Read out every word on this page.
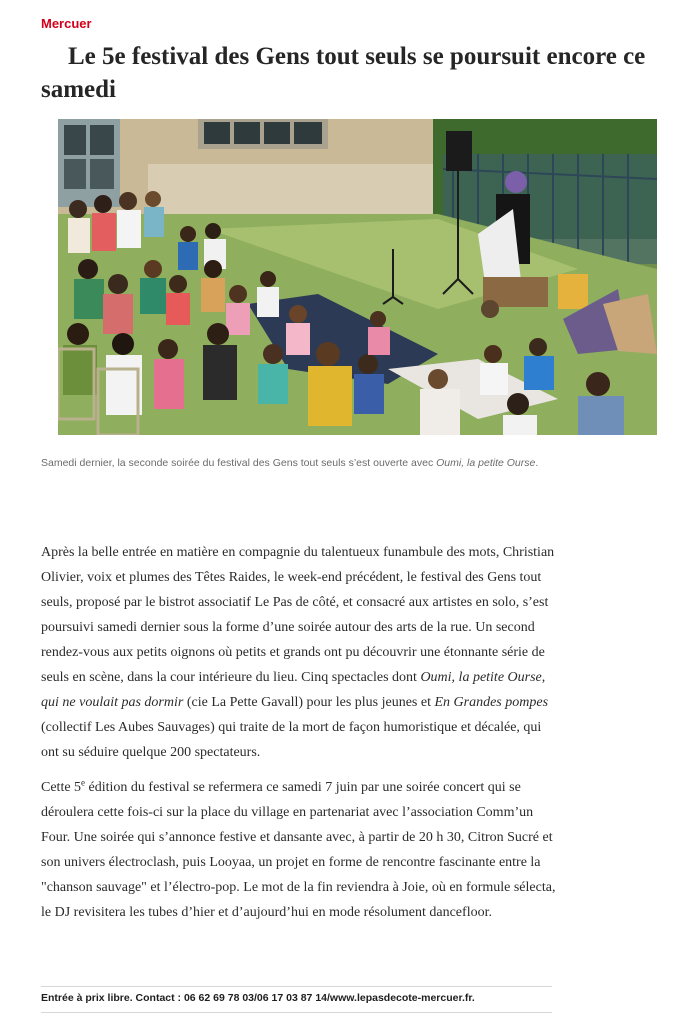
Mercuer
Le 5e festival des Gens tout seuls se poursuit encore ce samedi
Samedi dernier, la seconde soirée du festival des Gens tout seuls s’est ouverte avec Oumi, la petite Ourse.

Après la belle entrée en matière en compagnie du talentueux funambule des mots, Christian Olivier, voix et plumes des Têtes Raides, le week-end précédent, le festival des Gens tout seuls, proposé par le bistrot associatif Le Pas de côté, et consacré aux artistes en solo, s’est poursuivi samedi dernier sous la forme d’une soirée autour des arts de la rue. Un second rendez-vous aux petits oignons où petits et grands ont pu découvrir une étonnante série de seuls en scène, dans la cour intérieure du lieu. Cinq spectacles dont Oumi, la petite Ourse, qui ne voulait pas dormir (cie La Pette Gavall) pour les plus jeunes et En Grandes pompes (collectif Les Aubes Sauvages) qui traite de la mort de façon humoristique et décalée, qui ont su séduire quelque 200 spectateurs.

Cette 5e édition du festival se refermera ce samedi 7 juin par une soirée concert qui se déroulera cette fois-ci sur la place du village en partenariat avec l’association Comm’un Four. Une soirée qui s’annonce festive et dansante avec, à partir de 20 h 30, Citron Sucré et son univers électroclash, puis Looyaa, un projet en forme de rencontre fascinante entre la "chanson sauvage" et l’électro-pop. Le mot de la fin reviendra à Joie, où en formule sélecta, le DJ revisitera les tubes d’hier et d’aujourd’hui en mode résolument dancefloor.

Entrée à prix libre. Contact : 06 62 69 78 03/06 17 03 87 14/www.lepasdecote-mercuer.fr.
